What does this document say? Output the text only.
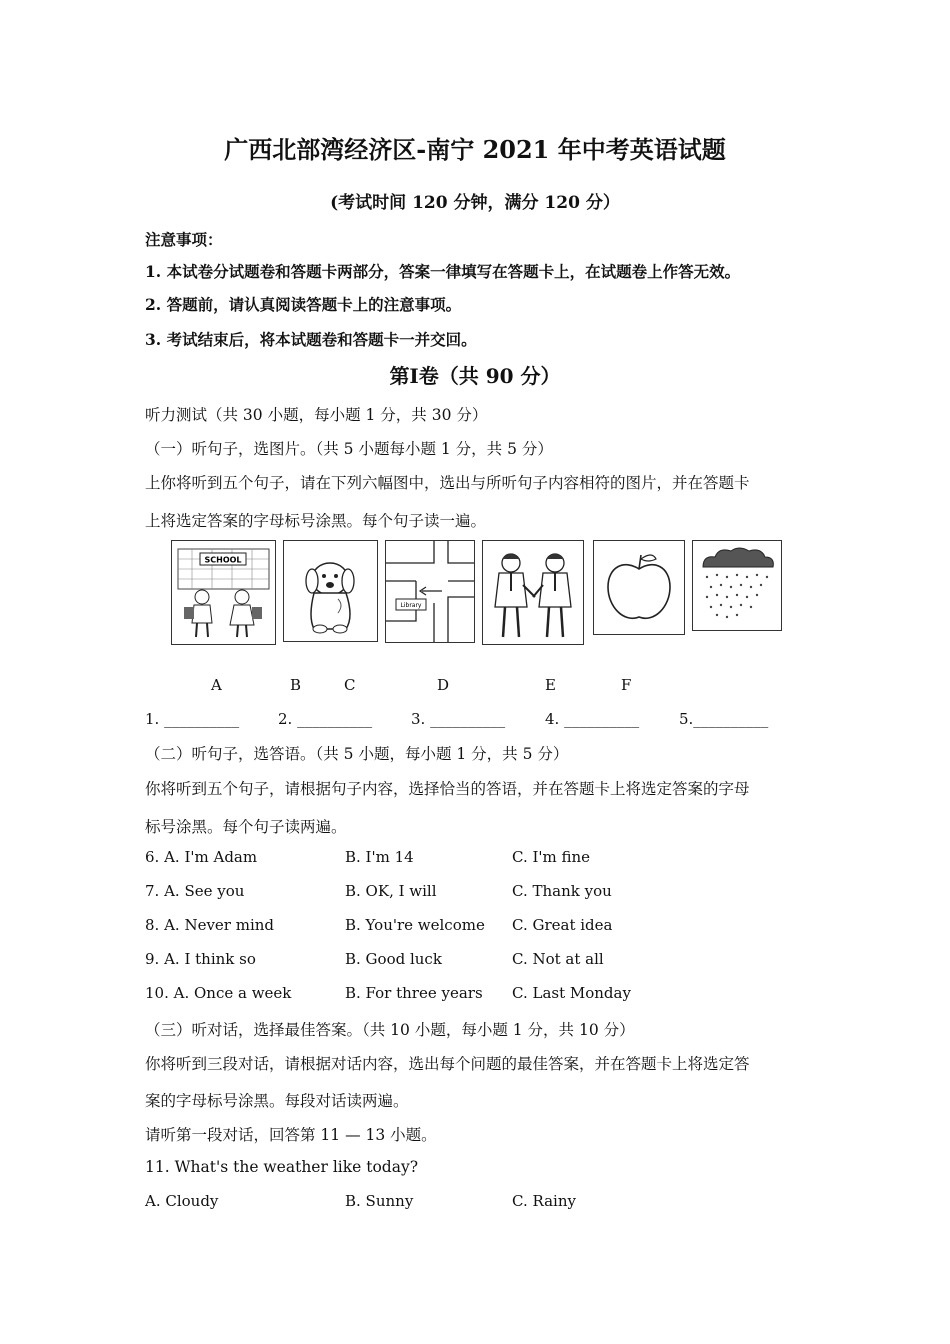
广西北部湾经济区-南宁 2021 年中考英语试题
(考试时间 120 分钟，满分 120 分）
注意事项：
1. 本试卷分试题卷和答题卡两部分，答案一律填写在答题卡上，在试题卷上作答无效。
2. 答题前，请认真阅读答题卡上的注意事项。
3. 考试结束后，将本试题卷和答题卡一并交回。
第Ⅰ卷（共 90 分）
听力测试（共 30 小题，每小题 1 分，共 30 分）
（一）听句子，选图片。（共 5 小题每小题 1 分，共 5 分）
上你将听到五个句子，请在下列六幅图中，选出与所听句子内容相符的图片，并在答题卡
上将选定答案的字母标号涂黑。每个句子读一遍。
SCHOOL
Library
A	B	C	D	E	F
1. __________	2. __________	3. __________	4. __________	5.__________
（二）听句子，选答语。（共 5 小题，每小题 1 分，共 5 分）
你将听到五个句子，请根据句子内容，选择恰当的答语，并在答题卡上将选定答案的字母
标号涂黑。每个句子读两遍。
6. A. I'm Adam	B. I'm 14	C. I'm fine
7. A. See you	B. OK, I will	C. Thank you
8. A. Never mind	B. You're welcome C. Great idea
9. A. I think so	B. Good luck	C. Not at all
10. A. Once a week	B. For three years C. Last Monday
（三）听对话，选择最佳答案。（共 10 小题，每小题 1 分，共 10 分）
你将听到三段对话，请根据对话内容，选出每个问题的最佳答案，并在答题卡上将选定答
案的字母标号涂黑。每段对话读两遍。
请听第一段对话，回答第 11 — 13 小题。
11. What's the weather like today?
A. Cloudy	B. Sunny	C. Rainy
